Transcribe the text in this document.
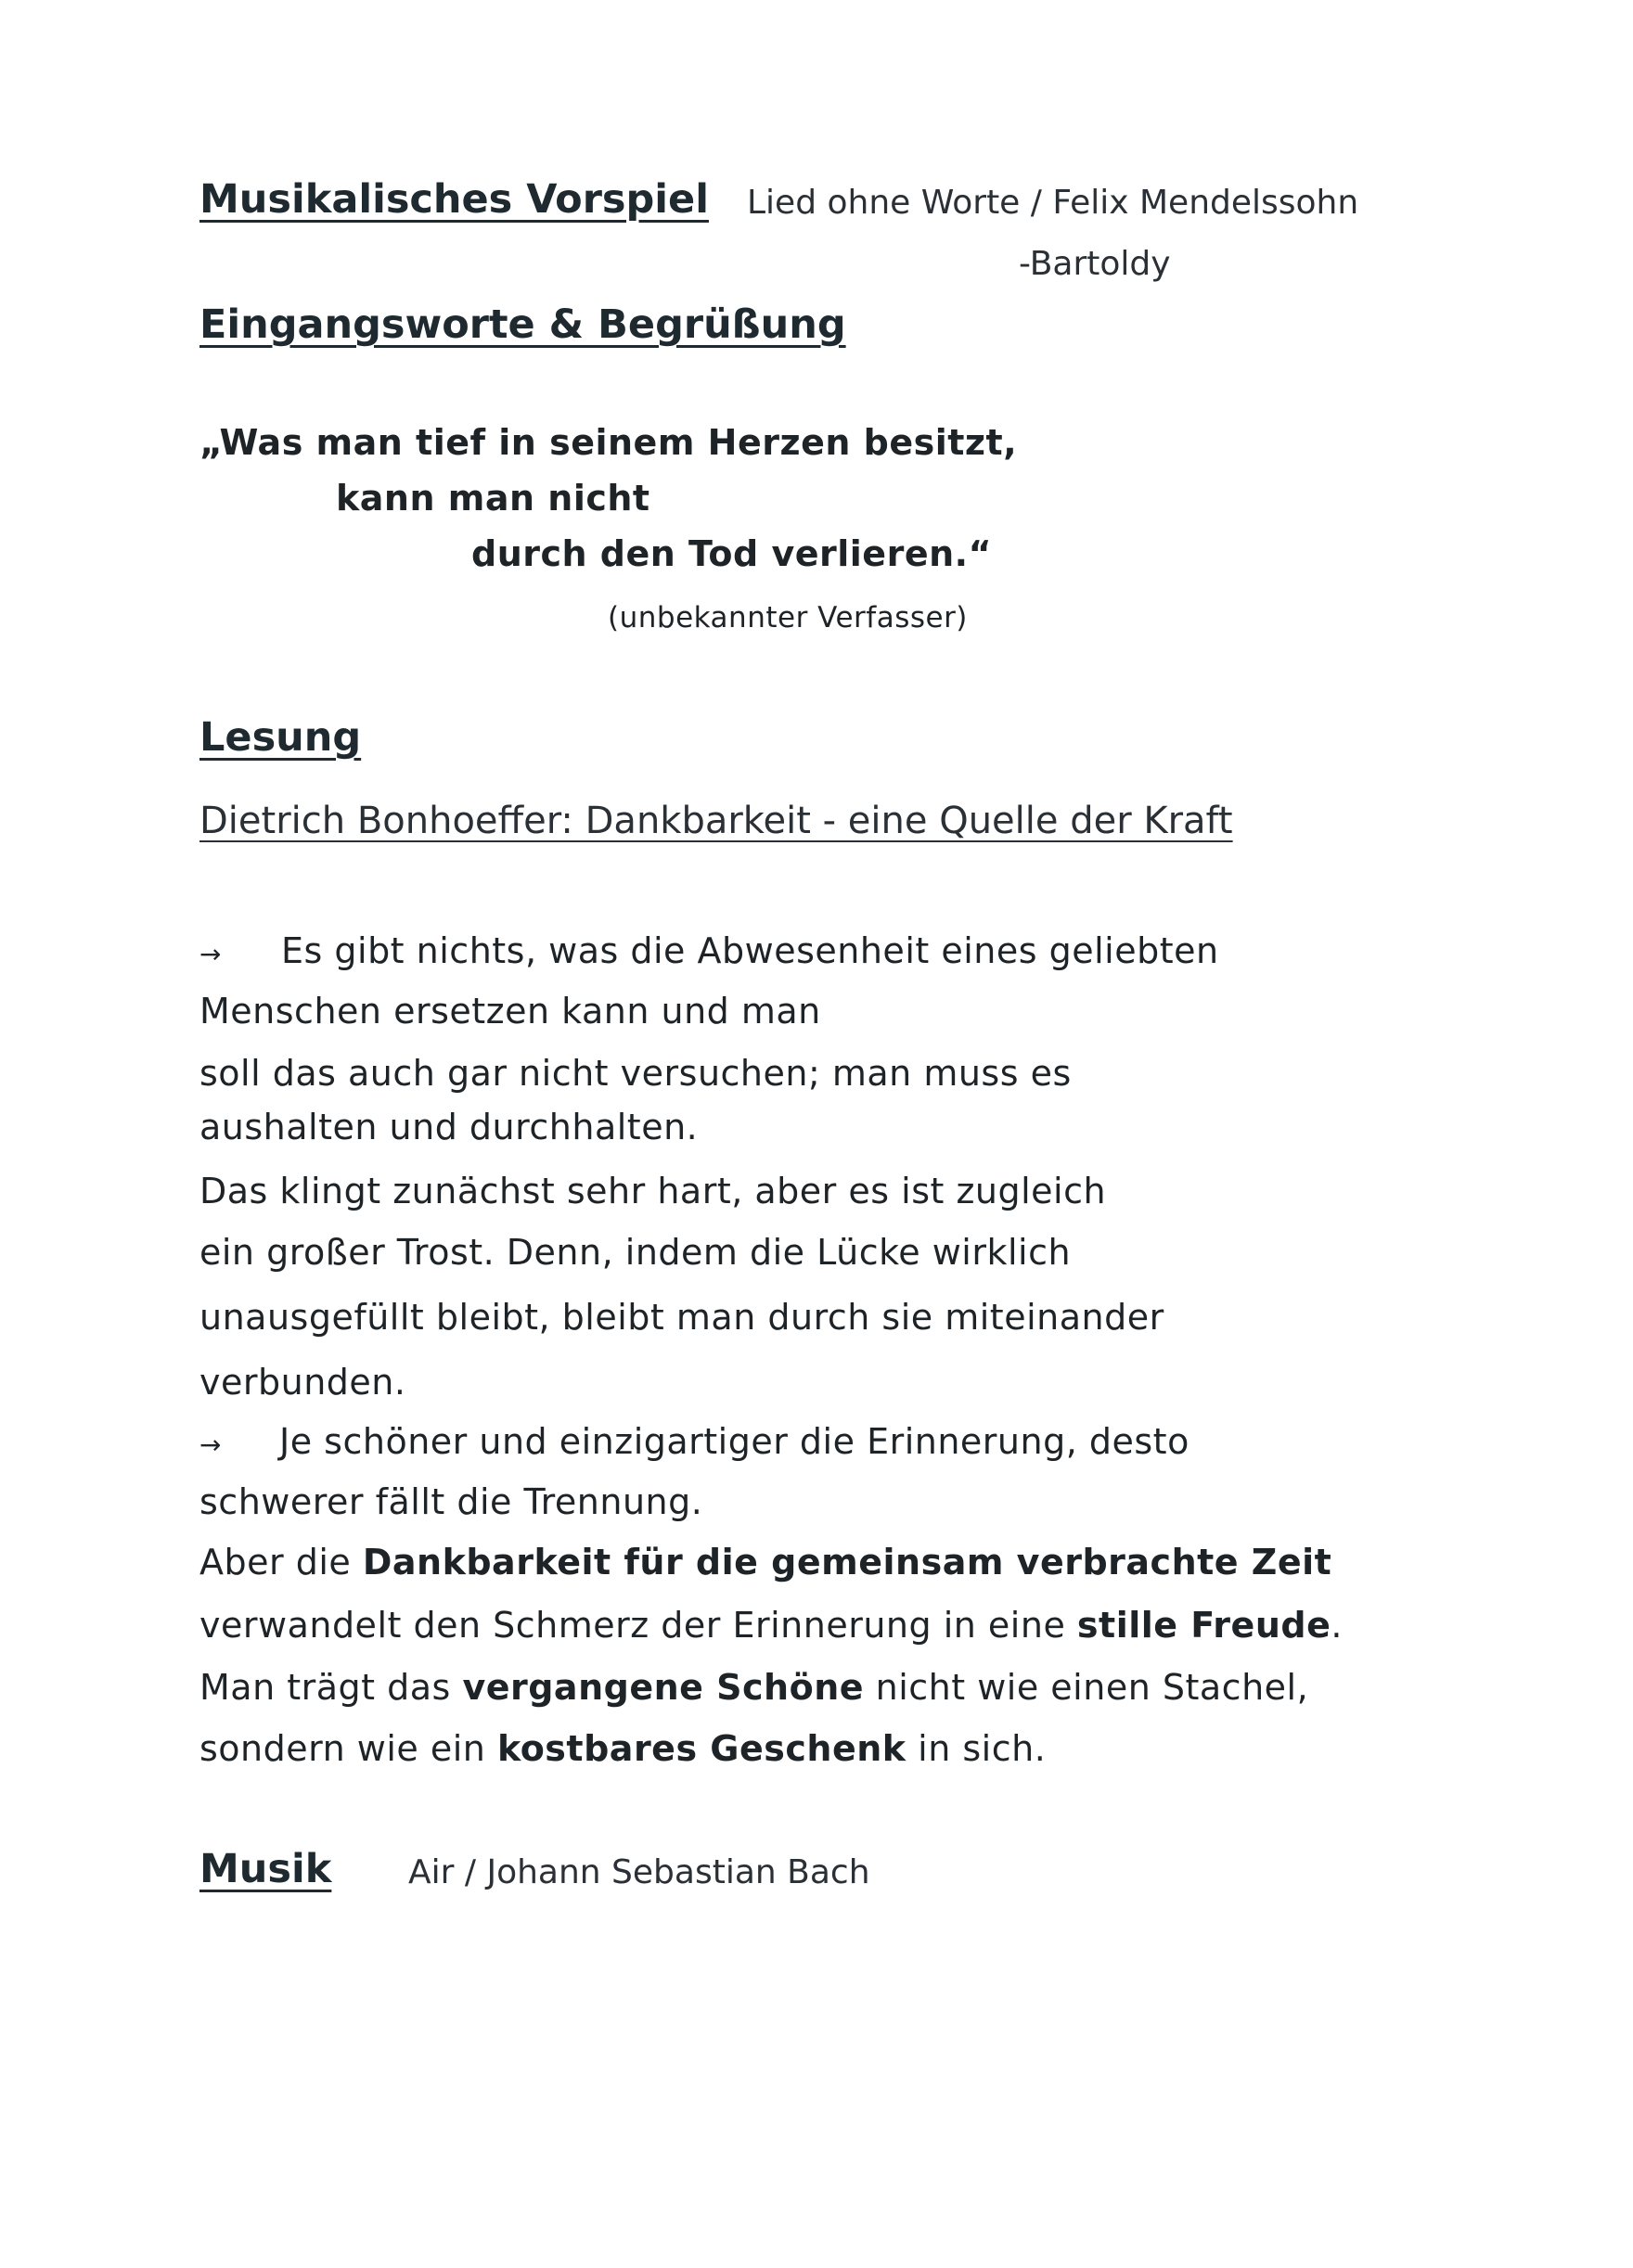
Musikalisches Vorspiel Lied ohne Worte / Felix Mendelssohn
-Bartoldy
Eingangsworte & Begrüßung
„Was man tief in seinem Herzen besitzt,
kann man nicht
durch den Tod verlieren.“
(unbekannter Verfasser)
Lesung
Dietrich Bonhoeffer: Dankbarkeit - eine Quelle der Kraft
→ Es gibt nichts, was die Abwesenheit eines geliebten
Menschen ersetzen kann und man
soll das auch gar nicht versuchen; man muss es
aushalten und durchhalten.
Das klingt zunächst sehr hart, aber es ist zugleich
ein großer Trost. Denn, indem die Lücke wirklich
unausgefüllt bleibt, bleibt man durch sie miteinander
verbunden.
→ Je schöner und einzigartiger die Erinnerung, desto
schwerer fällt die Trennung.
Aber die Dankbarkeit für die gemeinsam verbrachte Zeit
verwandelt den Schmerz der Erinnerung in eine stille Freude.
Man trägt das vergangene Schöne nicht wie einen Stachel,
sondern wie ein kostbares Geschenk in sich.
Musik Air / Johann Sebastian Bach
